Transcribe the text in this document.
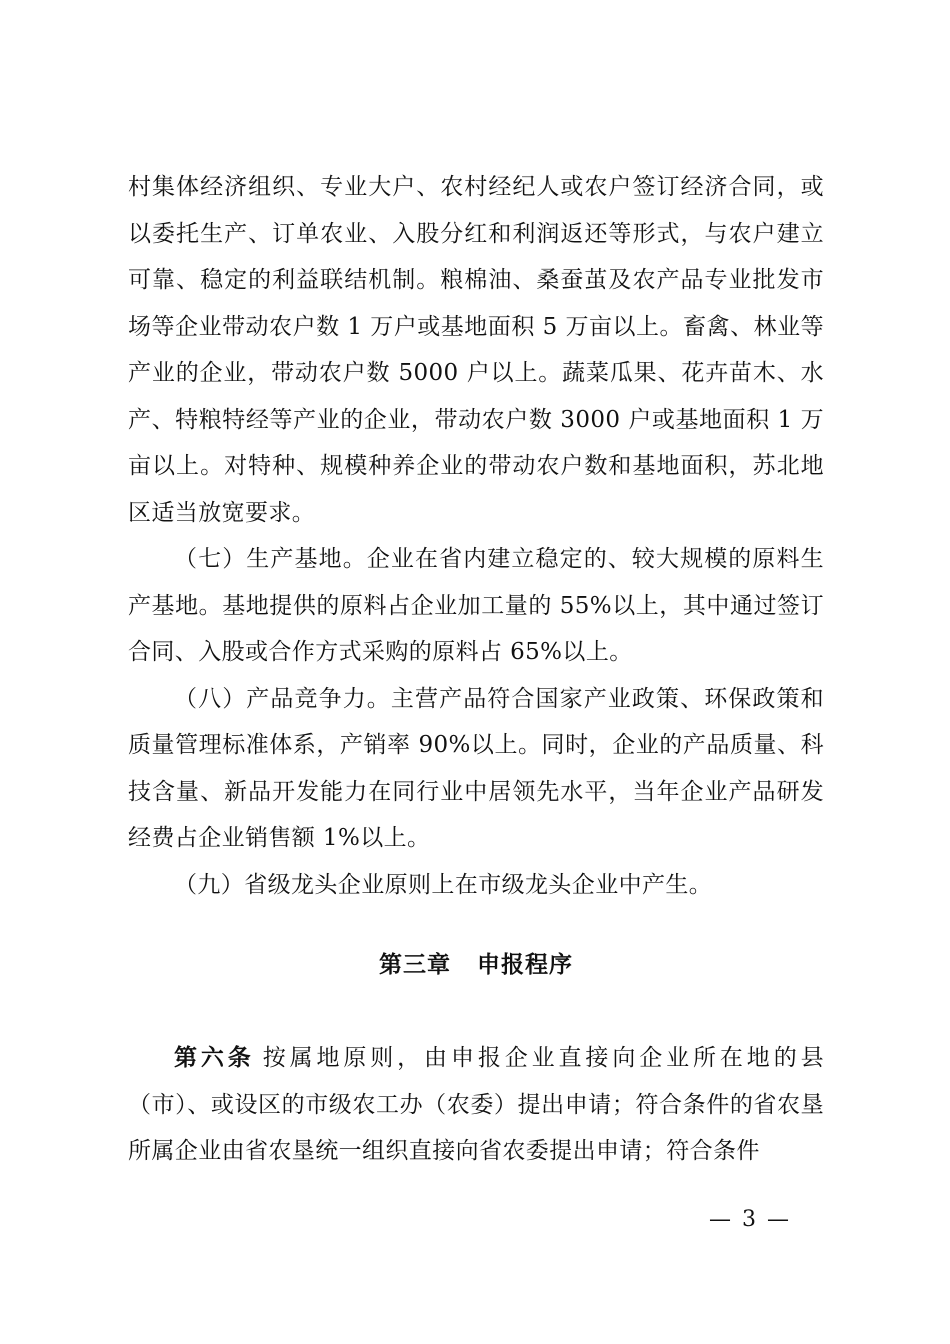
村集体经济组织、专业大户、农村经纪人或农户签订经济合同，或以委托生产、订单农业、入股分红和利润返还等形式，与农户建立可靠、稳定的利益联结机制。粮棉油、桑蚕茧及农产品专业批发市场等企业带动农户数 1 万户或基地面积 5 万亩以上。畜禽、林业等产业的企业，带动农户数 5000 户以上。蔬菜瓜果、花卉苗木、水产、特粮特经等产业的企业，带动农户数 3000 户或基地面积 1 万亩以上。对特种、规模种养企业的带动农户数和基地面积，苏北地区适当放宽要求。

（七）生产基地。企业在省内建立稳定的、较大规模的原料生产基地。基地提供的原料占企业加工量的 55%以上，其中通过签订合同、入股或合作方式采购的原料占 65%以上。

（八）产品竞争力。主营产品符合国家产业政策、环保政策和质量管理标准体系，产销率 90%以上。同时，企业的产品质量、科技含量、新品开发能力在同行业中居领先水平，当年企业产品研发经费占企业销售额 1%以上。

（九）省级龙头企业原则上在市级龙头企业中产生。

第三章 申报程序

第六条 按属地原则，由申报企业直接向企业所在地的县（市）、或设区的市级农工办（农委）提出申请；符合条件的省农垦所属企业由省农垦统一组织直接向省农委提出申请；符合条件

— 3 —
